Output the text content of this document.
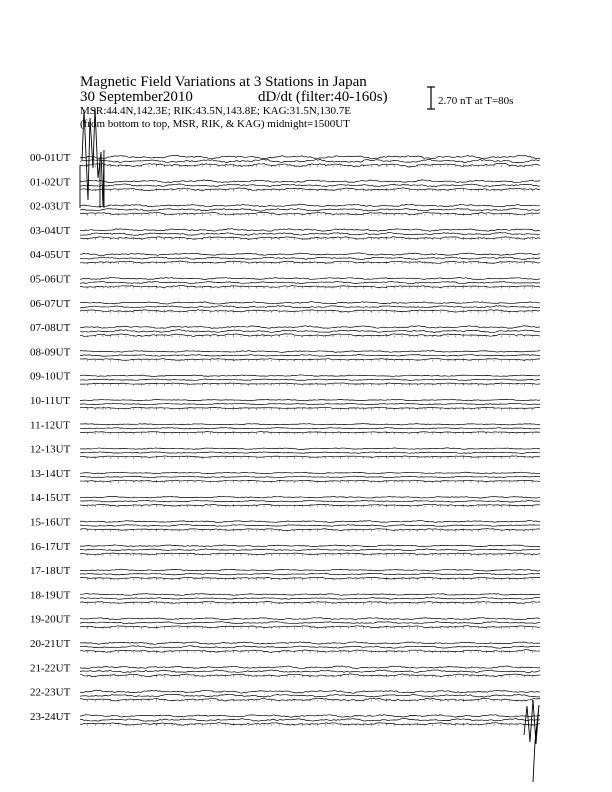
Magnetic Field Variations at 3 Stations in Japan
30 September2010	dD/dt (filter:40-160s)
MSR:44.4N,142.3E; RIK:43.5N,143.8E; KAG:31.5N,130.7E
(from bottom to top, MSR, RIK, & KAG) midnight=1500UT
2.70 nT at T=80s
00-01UT
01-02UT
02-03UT
03-04UT
04-05UT
05-06UT
06-07UT
07-08UT
08-09UT
09-10UT
10-11UT
11-12UT
12-13UT
13-14UT
14-15UT
15-16UT
16-17UT
17-18UT
18-19UT
19-20UT
20-21UT
21-22UT
22-23UT
23-24UT
